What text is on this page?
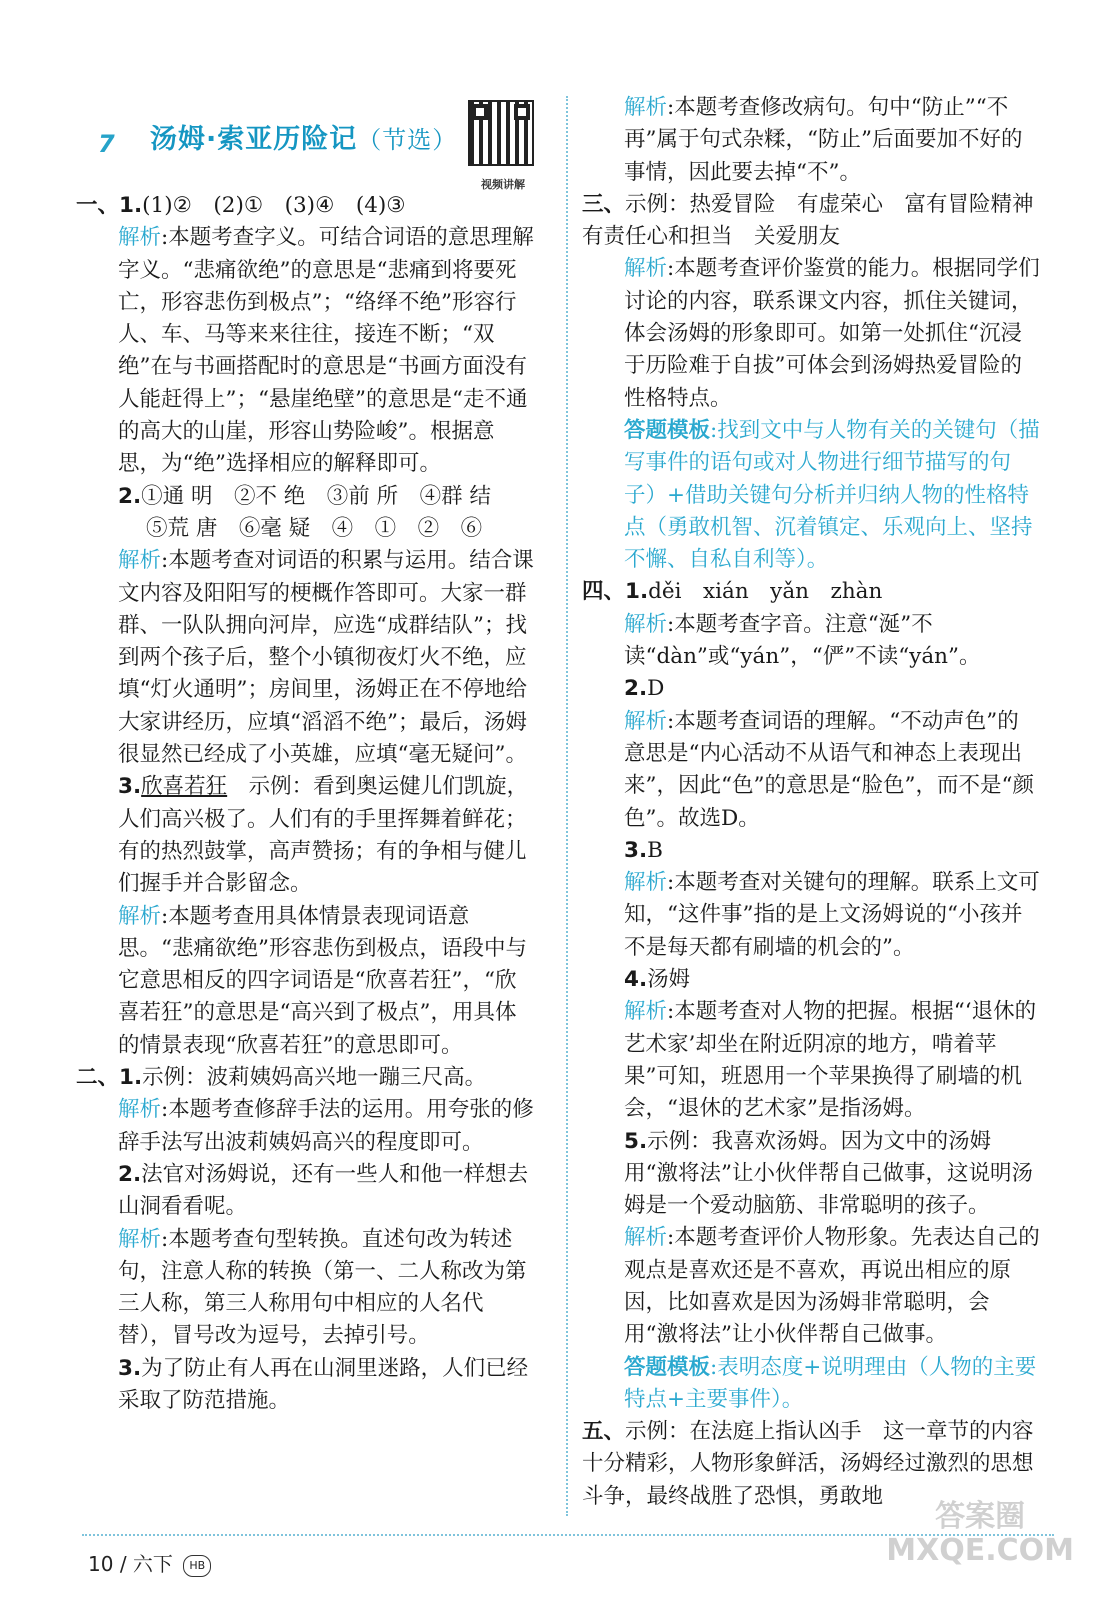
7 汤姆·索亚历险记（节选）
视频讲解

一、1.(1)②　(2)①　(3)④　(4)③

解析:本题考查字义。可结合词语的意思理解字义。“悲痛欲绝”的意思是“悲痛到将要死亡，形容悲伤到极点”；“络绎不绝”形容行人、车、马等来来往往，接连不断；“双绝”在与书画搭配时的意思是“书画方面没有人能赶得上”；“悬崖绝壁”的意思是“走不通的高大的山崖，形容山势险峻”。根据意思，为“绝”选择相应的解释即可。

2.①通 明　②不 绝　③前 所　④群 结

⑤荒 唐　⑥毫 疑　④　①　②　⑥

解析:本题考查对词语的积累与运用。结合课文内容及阳阳写的梗概作答即可。大家一群群、一队队拥向河岸，应选“成群结队”；找到两个孩子后，整个小镇彻夜灯火不绝，应填“灯火通明”；房间里，汤姆正在不停地给大家讲经历，应填“滔滔不绝”；最后，汤姆很显然已经成了小英雄，应填“毫无疑问”。

3.欣喜若狂　示例：看到奥运健儿们凯旋，人们高兴极了。人们有的手里挥舞着鲜花；有的热烈鼓掌，高声赞扬；有的争相与健儿们握手并合影留念。

解析:本题考查用具体情景表现词语意思。“悲痛欲绝”形容悲伤到极点，语段中与它意思相反的四字词语是“欣喜若狂”，“欣喜若狂”的意思是“高兴到了极点”，用具体的情景表现“欣喜若狂”的意思即可。

二、1.示例：波莉姨妈高兴地一蹦三尺高。

解析:本题考查修辞手法的运用。用夸张的修辞手法写出波莉姨妈高兴的程度即可。

2.法官对汤姆说，还有一些人和他一样想去山洞看看呢。

解析:本题考查句型转换。直述句改为转述句，注意人称的转换（第一、二人称改为第三人称，第三人称用句中相应的人名代替），冒号改为逗号，去掉引号。

3.为了防止有人再在山洞里迷路，人们已经采取了防范措施。

解析:本题考查修改病句。句中“防止”“不再”属于句式杂糅，“防止”后面要加不好的事情，因此要去掉“不”。

三、示例：热爱冒险　有虚荣心　富有冒险精神　有责任心和担当　关爱朋友

解析:本题考查评价鉴赏的能力。根据同学们讨论的内容，联系课文内容，抓住关键词，体会汤姆的形象即可。如第一处抓住“沉浸于历险难于自拔”可体会到汤姆热爱冒险的性格特点。

答题模板:找到文中与人物有关的关键句（描写事件的语句或对人物进行细节描写的句子）+借助关键句分析并归纳人物的性格特点（勇敢机智、沉着镇定、乐观向上、坚持不懈、自私自利等）。

四、1.děi　xián　yǎn　zhàn

解析:本题考查字音。注意“涎”不读“dàn”或“yán”，“俨”不读“yán”。

2.D

解析:本题考查词语的理解。“不动声色”的意思是“内心活动不从语气和神态上表现出来”，因此“色”的意思是“脸色”，而不是“颜色”。故选D。

3.B

解析:本题考查对关键句的理解。联系上文可知，“这件事”指的是上文汤姆说的“小孩并不是每天都有刷墙的机会的”。

4.汤姆

解析:本题考查对人物的把握。根据“‘退休的艺术家’却坐在附近阴凉的地方，啃着苹果”可知，班恩用一个苹果换得了刷墙的机会，“退休的艺术家”是指汤姆。

5.示例：我喜欢汤姆。因为文中的汤姆用“激将法”让小伙伴帮自己做事，这说明汤姆是一个爱动脑筋、非常聪明的孩子。

解析:本题考查评价人物形象。先表达自己的观点是喜欢还是不喜欢，再说出相应的原因，比如喜欢是因为汤姆非常聪明，会用“激将法”让小伙伴帮自己做事。

答题模板:表明态度+说明理由（人物的主要特点+主要事件）。

五、示例：在法庭上指认凶手　这一章节的内容十分精彩，人物形象鲜活，汤姆经过激烈的思想斗争，最终战胜了恐惧，勇敢地

10 / 六下 HB
答案圈
MXQE.COM
